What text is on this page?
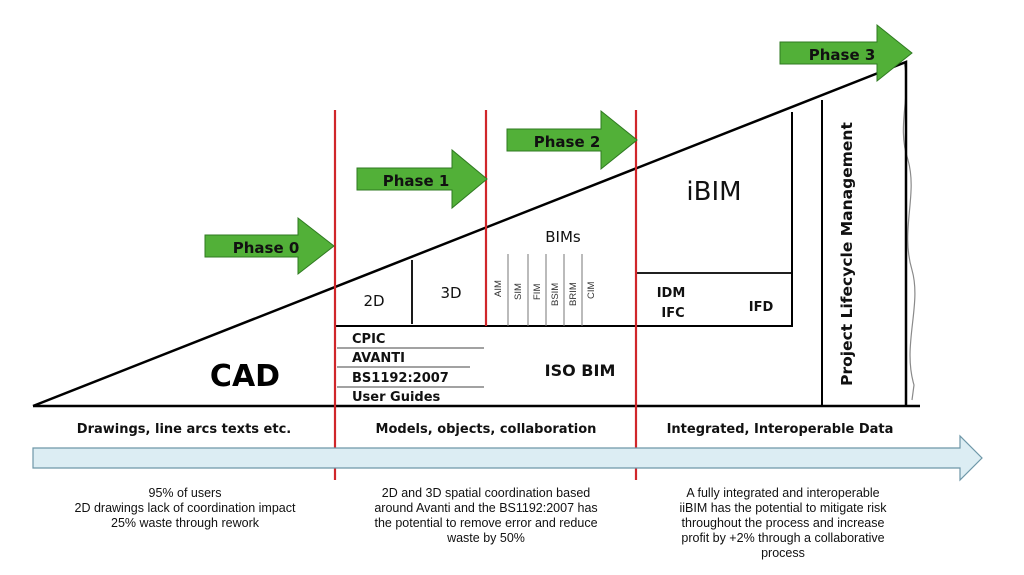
Phase 0
Phase 1
Phase 2
Phase 3
CAD
2D	3D
BIMs
AIM SIM FIM BSIM BRIM CIM
iBIM
IDM
IFC	IFD
ISO BIM	Project Lifecycle Management
CPIC
AVANTI
BS1192:2007
User Guides
Drawings, line arcs texts etc.	Models, objects, collaboration	Integrated, Interoperable Data
95% of users
2D drawings lack of coordination impact
25% waste through rework
2D and 3D spatial coordination based
around Avanti and the BS1192:2007 has
the potential to remove error and reduce
waste by 50%
A fully integrated and interoperable
iiBIM has the potential to mitigate risk
throughout the process and increase
profit by +2% through a collaborative
process
